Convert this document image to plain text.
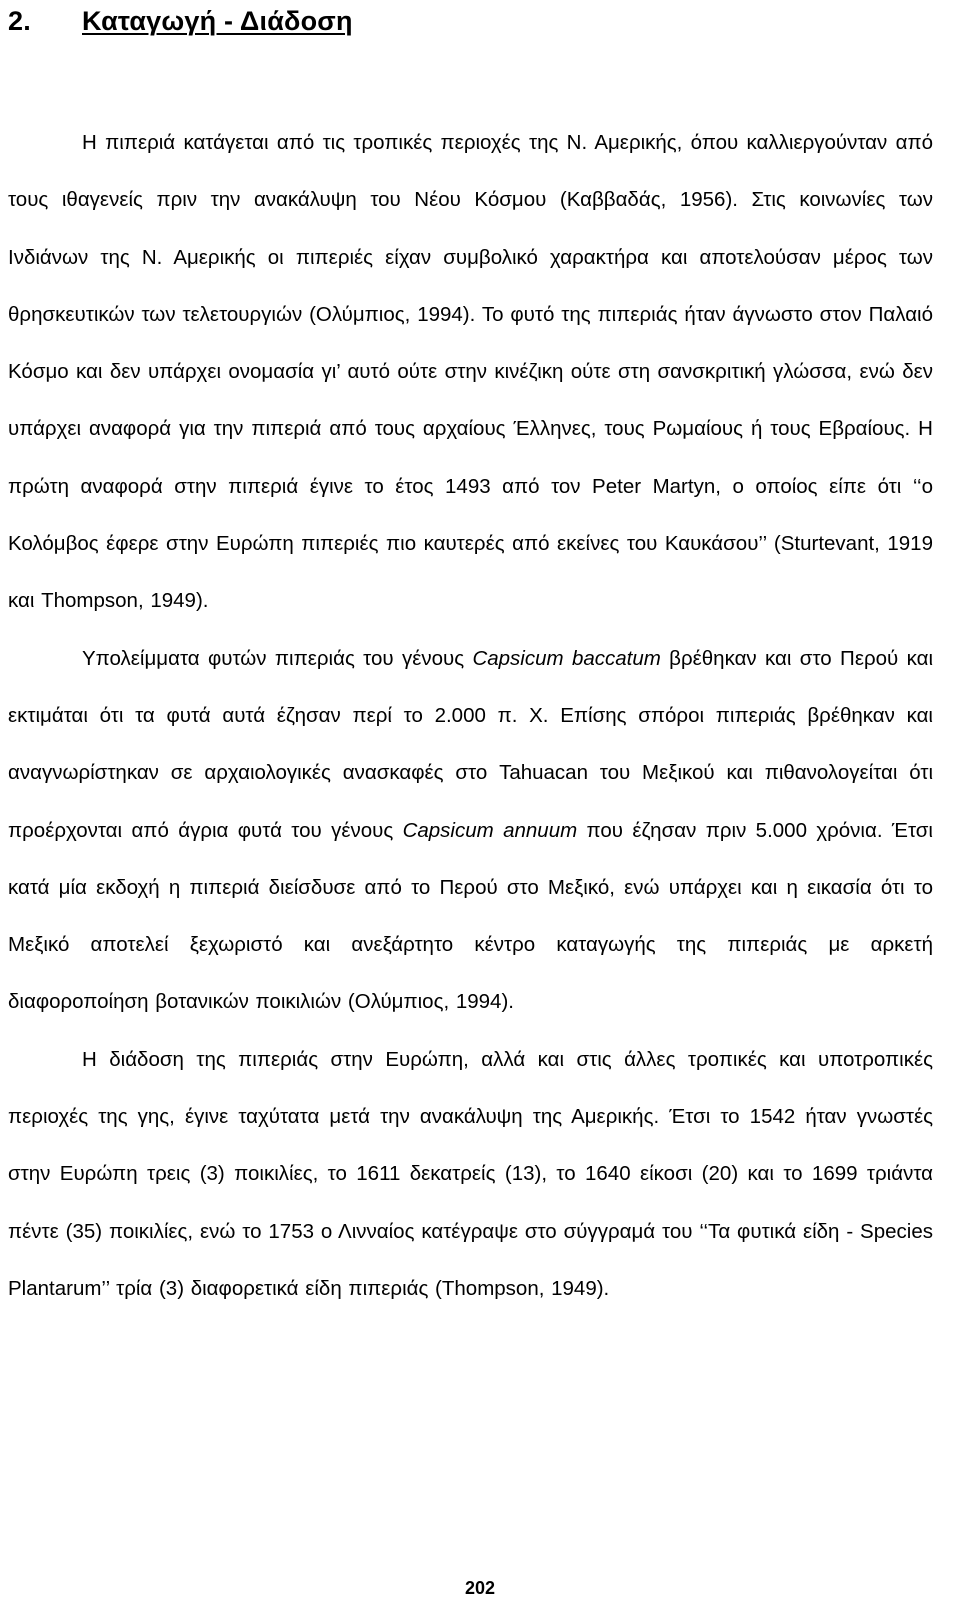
2. Καταγωγή - Διάδοση

Η πιπεριά κατάγεται από τις τροπικές περιοχές της Ν. Αμερικής, όπου καλλιεργούνταν από τους ιθαγενείς πριν την ανακάλυψη του Νέου Κόσμου (Καββαδάς, 1956). Στις κοινωνίες των Ινδιάνων της Ν. Αμερικής οι πιπεριές είχαν συμβολικό χαρακτήρα και αποτελούσαν μέρος των θρησκευτικών των τελετουργιών (Ολύμπιος, 1994). Το φυτό της πιπεριάς ήταν άγνωστο στον Παλαιό Κόσμο και δεν υπάρχει ονομασία γι’ αυτό ούτε στην κινέζικη ούτε στη σανσκριτική γλώσσα, ενώ δεν υπάρχει αναφορά για την πιπεριά από τους αρχαίους Έλληνες, τους Ρωμαίους ή τους Εβραίους. Η πρώτη αναφορά στην πιπεριά έγινε το έτος 1493 από τον Peter Martyn, ο οποίος είπε ότι ‘‘ο Κολόμβος έφερε στην Ευρώπη πιπεριές πιο καυτερές από εκείνες του Καυκάσου’’ (Sturtevant, 1919 και Thompson, 1949).

Υπολείμματα φυτών πιπεριάς του γένους Capsicum baccatum βρέθηκαν και στο Περού και εκτιμάται ότι τα φυτά αυτά έζησαν περί το 2.000 π. Χ. Επίσης σπόροι πιπεριάς βρέθηκαν και αναγνωρίστηκαν σε αρχαιολογικές ανασκαφές στο Tahuacan του Μεξικού και πιθανολογείται ότι προέρχονται από άγρια φυτά του γένους Capsicum annuum που έζησαν πριν 5.000 χρόνια. Έτσι κατά μία εκδοχή η πιπεριά διείσδυσε από το Περού στο Μεξικό, ενώ υπάρχει και η εικασία ότι το Μεξικό αποτελεί ξεχωριστό και ανεξάρτητο κέντρο καταγωγής της πιπεριάς με αρκετή διαφοροποίηση βοτανικών ποικιλιών (Ολύμπιος, 1994).

Η διάδοση της πιπεριάς στην Ευρώπη, αλλά και στις άλλες τροπικές και υποτροπικές περιοχές της γης, έγινε ταχύτατα μετά την ανακάλυψη της Αμερικής. Έτσι το 1542 ήταν γνωστές στην Ευρώπη τρεις (3) ποικιλίες, το 1611 δεκατρείς (13), το 1640 είκοσι (20) και το 1699 τριάντα πέντε (35) ποικιλίες, ενώ το 1753 ο Λινναίος κατέγραψε στο σύγγραμά του ‘‘Τα φυτικά είδη - Species Plantarum’’ τρία (3) διαφορετικά είδη πιπεριάς (Thompson, 1949).

202
